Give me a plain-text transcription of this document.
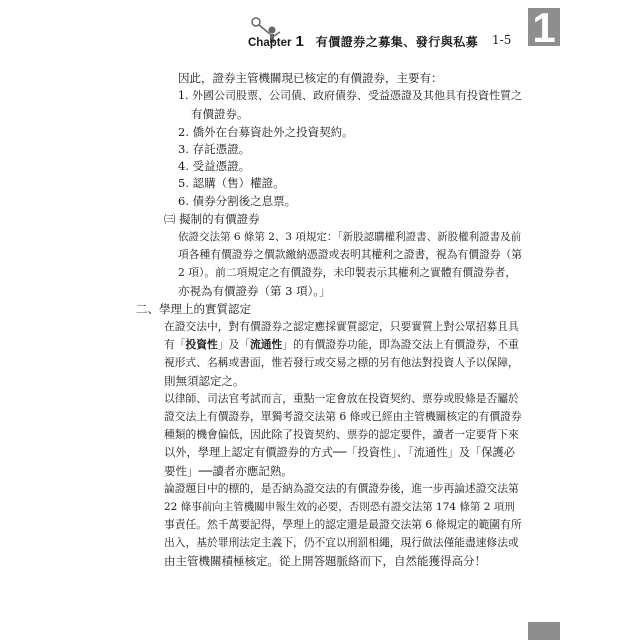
Chapter 1 有價證券之募集、發行與私募 1-5 1
因此，證券主管機關現已核定的有價證券，主要有：
1. 外國公司股票、公司債、政府債券、受益憑證及其他具有投資性質之
有價證券。
2. 僑外在台募資赴外之投資契約。
3. 存託憑證。
4. 受益憑證。
5. 認購（售）權證。
6. 債券分割後之息票。
㈢ 擬制的有價證券
依證交法第 6 條第 2、3 項規定：「新股認購權利證書、新股權利證書及前
項各種有價證券之價款繳納憑證或表明其權利之證書，視為有價證券（第
2 項）。前二項規定之有價證券，未印製表示其權利之實體有價證券者，
亦視為有價證券（第 3 項）。」
二、學理上的實質認定
在證交法中，對有價證券之認定應採實質認定，只要實質上對公眾招募且具
有「投資性」及「流通性」的有價證券功能，即為證交法上有價證券，不重
視形式、名稱或書面，惟若發行或交易之標的另有他法對投資人予以保障，
則無須認定之。
以律師、司法官考試而言，重點一定會放在投資契約、票券或股條是否屬於
證交法上有價證券，單獨考證交法第 6 條或已經由主管機關核定的有價證券
種類的機會偏低，因此除了投資契約、票券的認定要件，讀者一定要背下來
以外，學理上認定有價證券的方式──「投資性」、「流通性」及「保護必
要性」──讀者亦應記熟。
論證題目中的標的，是否納為證交法的有價證券後，進一步再論述證交法第
22 條事前向主管機關申報生效的必要，否則恐有證交法第 174 條第 2 項刑
事責任。然千萬要記得，學理上的認定還是最證交法第 6 條規定的範圍有所
出入，基於罪刑法定主義下，仍不宜以刑罰相繩，現行做法僅能盡速修法或
由主管機關積極核定。從上開答題脈絡而下，自然能獲得高分！
